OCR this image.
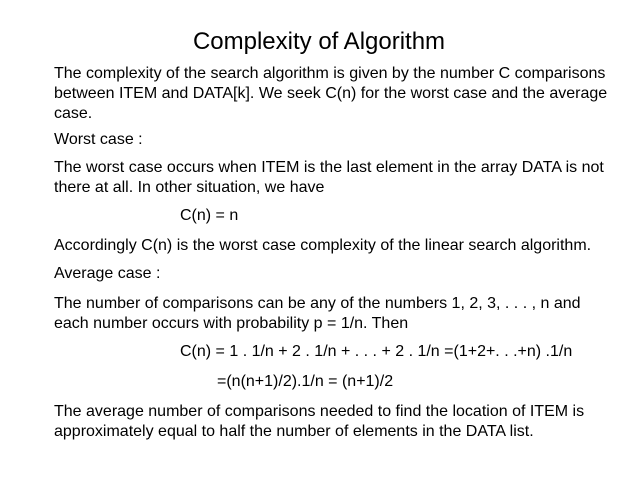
Complexity of Algorithm
The complexity of the search algorithm is given by the number C comparisons
between ITEM and DATA[k]. We seek C(n) for the worst case and the average
case.
Worst case :
The worst case occurs when ITEM is the last element in the array DATA is not
there at all. In other situation, we have
C(n) = n
Accordingly C(n) is the worst case complexity of the linear search algorithm.
Average case :
The number of comparisons can be any of the numbers 1, 2, 3, . . . , n and
each number occurs with probability p = 1/n. Then
C(n) = 1 . 1/n + 2 . 1/n + . . . + 2 . 1/n =(1+2+. . .+n) .1/n
=(n(n+1)/2).1/n = (n+1)/2
The average number of comparisons needed to find the location of ITEM is
approximately equal to half the number of elements in the DATA list.
